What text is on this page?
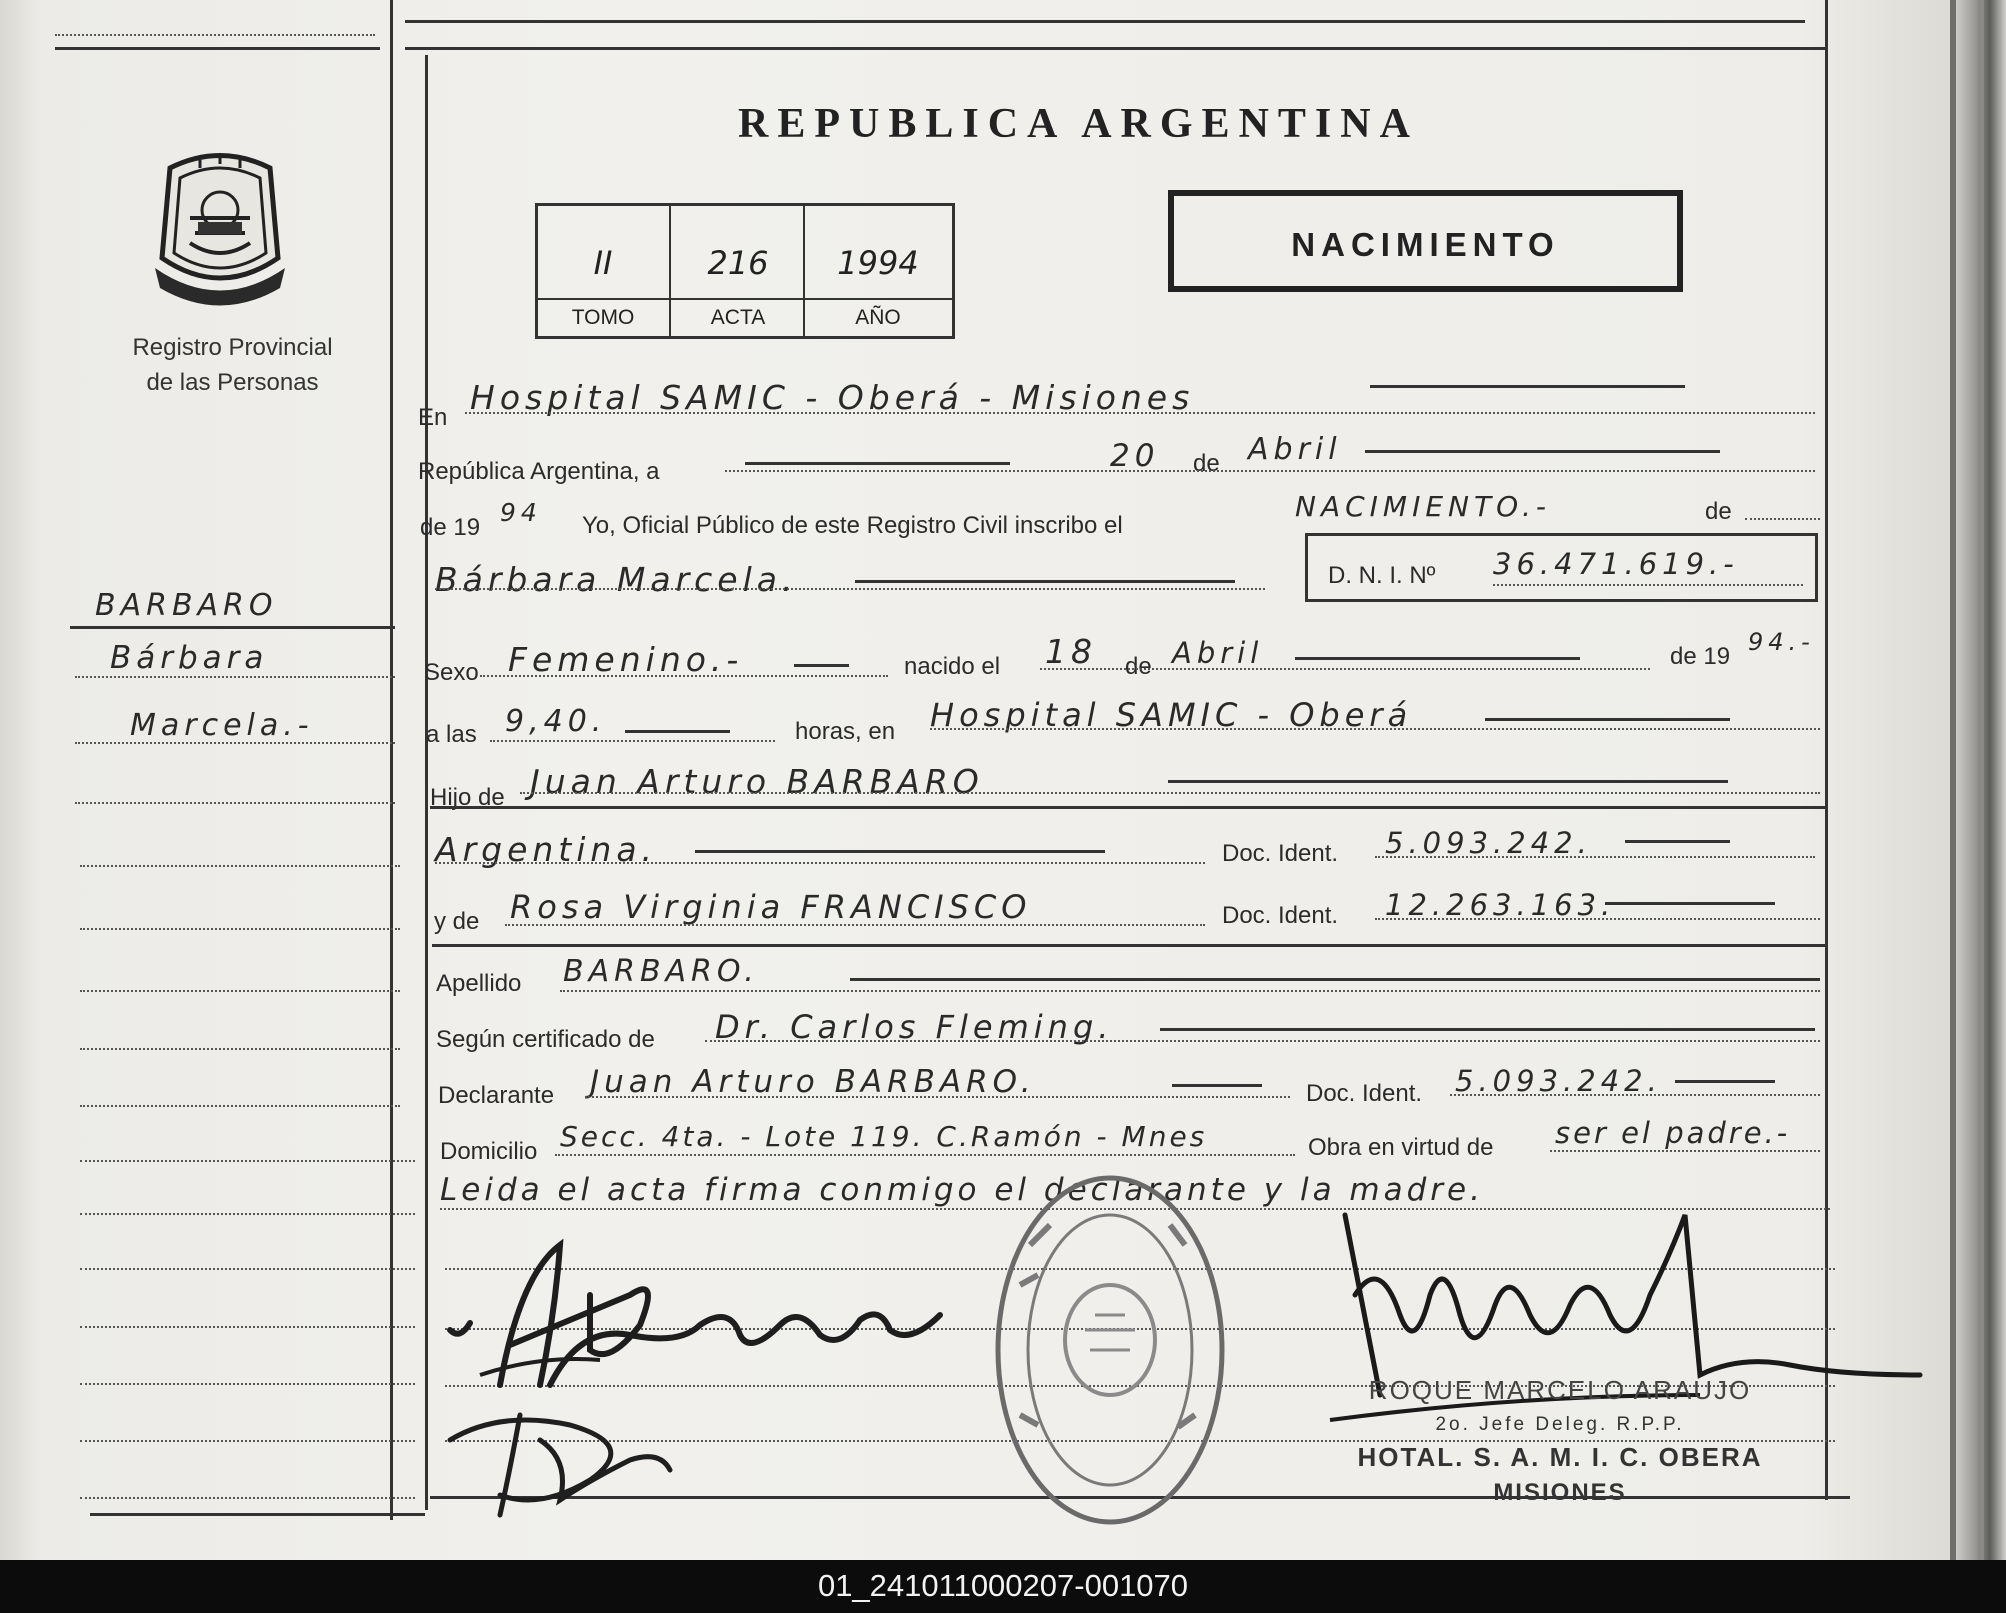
REPUBLICA ARGENTINA
Registro Provincial
de las Personas
II	216	1994
TOMO	ACTA	AÑO
NACIMIENTO
BARBARO
Bárbara
Marcela.-
En
Hospital SAMIC - Oberá - Misiones
República Argentina, a	20 de Abril
de 19
94 Yo, Oficial Público de este Registro Civil inscribo el
NACIMIENTO.-	de
Bárbara Marcela.	D. N. I. Nº 36.471.619.-
Sexo Femenino.-	nacido el 18 de Abril	de 19
94.-
a las 9,40.	horas, en Hospital SAMIC - Oberá
Hijo de Juan Arturo BARBARO
Argentina.	Doc. Ident. 5.093.242.
y de Rosa Virginia FRANCISCO	Doc. Ident. 12.263.163.
Apellido BARBARO.
Según certificado de Dr. Carlos Fleming.
Declarante Juan Arturo BARBARO.	Doc. Ident. 5.093.242.
Domicilio Secc. 4ta. - Lote 119. C.Ramón - Mnes	Obra en virtud de ser el padre.-
Leida el acta firma conmigo el declarante y la madre.
ROQUE MARCELO ARAUJO
2o. Jefe Deleg. R.P.P.
HOTAL. S. A. M. I. C. OBERA
MISIONES
01_241011000207-001070
